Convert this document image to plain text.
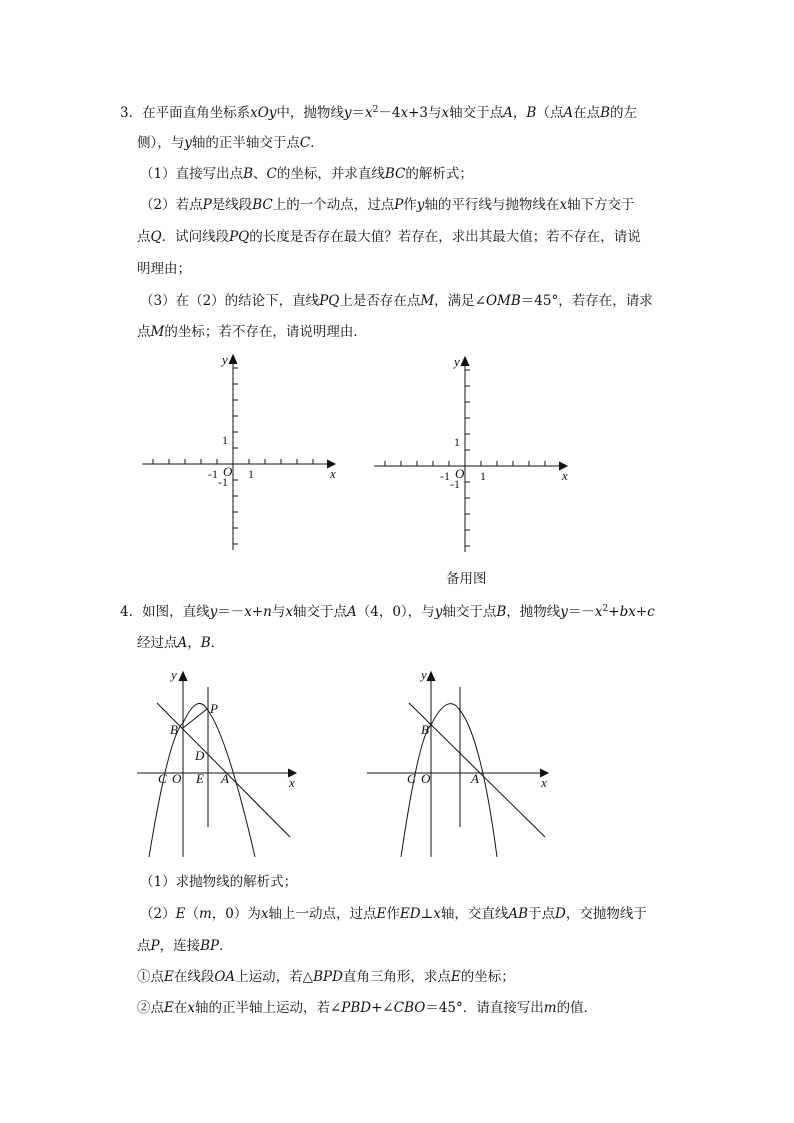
3．在平面直角坐标系xOy中，抛物线$y=x^2-4x+3$与x轴交于点A，B（点A在点B的左
侧），与y轴的正半轴交于点C．
（1）直接写出点B、C的坐标，并求直线BC的解析式；
（2）若点P是线段BC上的一个动点，过点P作y轴的平行线与抛物线在x轴下方交于
点Q．试问线段PQ的长度是否存在最大值？若存在，求出其最大值；若不存在，请说
明理由；
（3）在（2）的结论下，直线PQ上是否存在点M，满足∠OMB＝45°，若存在，请求
点M的坐标；若不存在，请说明理由．
y
x
1
-1 O
-1
1
y
x
1
-1 O
-1
1
备用图
4．如图，直线y＝－x+n与x轴交于点A（4，0），与y轴交于点B，抛物线$y=-x^2+bx+c$
经过点A，B．
y
x
P
B
D
C O E A
y
x
B
C O	A
（1）求抛物线的解析式；
（2）E（m，0）为x轴上一动点，过点E作ED⊥x轴，交直线AB于点D，交抛物线于
点P，连接BP．
①点E在线段OA上运动，若△BPD直角三角形，求点E的坐标；
②点E在x轴的正半轴上运动，若∠PBD+∠CBO＝45°．请直接写出m的值．
